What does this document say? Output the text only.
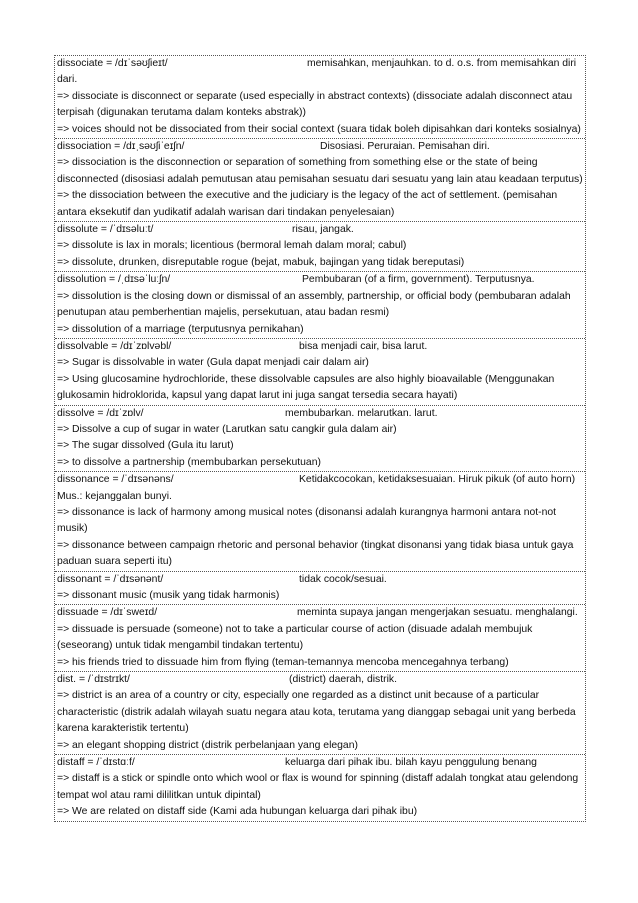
dissociate = /dɪˈsəʊʃieɪt/	memisahkan, menjauhkan. to d. o.s. from memisahkan diri dari.
=> dissociate is disconnect or separate (used especially in abstract contexts) (dissociate adalah disconnect atau terpisah (digunakan terutama dalam konteks abstrak))
=> voices should not be dissociated from their social context (suara tidak boleh dipisahkan dari konteks sosialnya)
dissociation = /dɪˌsəʊʃiˈeɪʃn/	Disosiasi. Peruraian. Pemisahan diri.
=> dissociation is the disconnection or separation of something from something else or the state of being disconnected (disosiasi adalah pemutusan atau pemisahan sesuatu dari sesuatu yang lain atau keadaan terputus)
=> the dissociation between the executive and the judiciary is the legacy of the act of settlement. (pemisahan antara eksekutif dan yudikatif adalah warisan dari tindakan penyelesaian)
dissolute = /ˈdɪsəluːt/	risau, jangak.
=> dissolute is lax in morals; licentious (bermoral lemah dalam moral; cabul)
=> dissolute, drunken, disreputable rogue (bejat, mabuk, bajingan yang tidak bereputasi)
dissolution = /ˌdɪsəˈluːʃn/	Pembubaran (of a firm, government). Terputusnya.
=> dissolution is the closing down or dismissal of an assembly, partnership, or official body (pembubaran adalah penutupan atau pemberhentian majelis, persekutuan, atau badan resmi)
=> dissolution of a marriage (terputusnya pernikahan)
dissolvable = /dɪˈzɒlvəbl/	bisa menjadi cair, bisa larut.
=> Sugar is dissolvable in water (Gula dapat menjadi cair dalam air)
=> Using glucosamine hydrochloride, these dissolvable capsules are also highly bioavailable (Menggunakan glukosamin hidroklorida, kapsul yang dapat larut ini juga sangat tersedia secara hayati)
dissolve = /dɪˈzɒlv/	membubarkan. melarutkan. larut.
=> Dissolve a cup of sugar in water (Larutkan satu cangkir gula dalam air)
=> The sugar dissolved (Gula itu larut)
=> to dissolve a partnership (membubarkan persekutuan)
dissonance = /ˈdɪsənəns/	Ketidakcocokan, ketidaksesuaian. Hiruk pikuk (of auto horn) Mus.: kejanggalan bunyi.
=> dissonance is lack of harmony among musical notes (disonansi adalah kurangnya harmoni antara not-not musik)
=> dissonance between campaign rhetoric and personal behavior (tingkat disonansi yang tidak biasa untuk gaya paduan suara seperti itu)
dissonant = /ˈdɪsənənt/	tidak cocok/sesuai.
=> dissonant music (musik yang tidak harmonis)
dissuade = /dɪˈsweɪd/	meminta supaya jangan mengerjakan sesuatu. menghalangi.
=> dissuade is persuade (someone) not to take a particular course of action (disuade adalah membujuk (seseorang) untuk tidak mengambil tindakan tertentu)
=> his friends tried to dissuade him from flying (teman-temannya mencoba mencegahnya terbang)
dist. = /ˈdɪstrɪkt/	(district) daerah, distrik.
=> district is an area of a country or city, especially one regarded as a distinct unit because of a particular characteristic (distrik adalah wilayah suatu negara atau kota, terutama yang dianggap sebagai unit yang berbeda karena karakteristik tertentu)
=> an elegant shopping district (distrik perbelanjaan yang elegan)
distaff = /ˈdɪstɑːf/	keluarga dari pihak ibu. bilah kayu penggulung benang
=> distaff is a stick or spindle onto which wool or flax is wound for spinning (distaff adalah tongkat atau gelendong tempat wol atau rami dililitkan untuk dipintal)
=> We are related on distaff side (Kami ada hubungan keluarga dari pihak ibu)
